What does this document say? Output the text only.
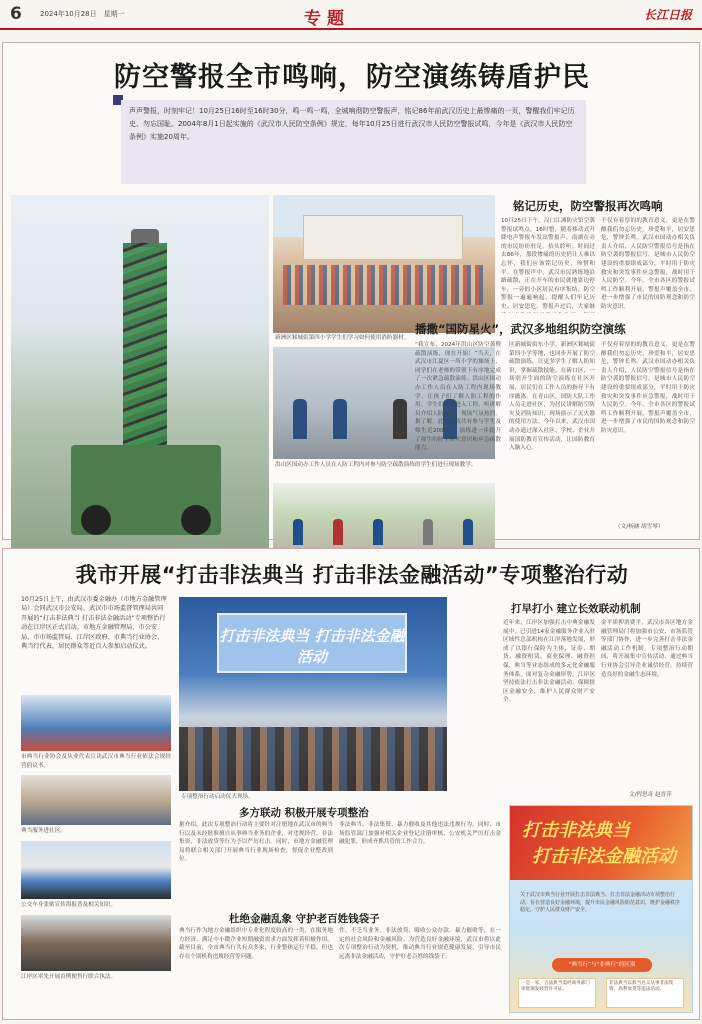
6	2024年10月28日　星期一	专题	长江日报
防空警报全市鸣响，防空演练铸盾护民
声声警报，时刻牢记！10月25日16时至16时30分，鸣一鸣一鸣，全城响彻防空警报声，铭记86年前武汉历史上最惨痛的一页，警醒我们牢记历史、勿忘国耻。2004年8月1日起实施的《武汉市人民防空条例》规定，每年10月25日进行武汉市人民防空警报试鸣，今年是《武汉市人民防空条例》实施20周年。
新洲区邾城街第四小学学生们学习如何使用消防器材。
洪山区国动办工作人员在人防工程内对参与防空疏散演练的学生们进行现场教学。
铭记历史，防空警报再次鸣响
10月25日下午，汉口江滩防灾馆空袭警报试鸣点，16时整，随着移动式升降电声警报车发出警报声，南湖在旁的市民纷纷驻足，抬头聆听。时间过去86年，那段惨痛的历史仍让人难以忘怀，我们应该铭记历史，珍惜和平。在警报声中，武汉市民熟练地沿路疏散，正在开车的市民就地靠边停车，一旁的小区居民有序集结。防空警报一遍遍响起，提醒人们牢记历史、居安思危。警报声过后，大家继
不仅有着厚的的教育意义，更是在警醒我们勿忘历史，珍爱和平，居安思危，警钟长鸣。武汉市国动办相关负责人介绍，人民防空警报信号是指在防空袭的警报信号，是城市人民防空建设的重要组成部分，平时用于防灾救灾和突发事件应急警报，战时用于人民防空。今年，全市各区的警报试鸣工作顺利开展，警报声覆盖全市，进一步增强了市民的国防观念和防空防灾意识。
播撒“国防星火”，武汉多地组织防空演练
“我宣布，2024年洪山区防空袭暨疏散演练，现在开始！”当天，在武汉市江夏区一所小学的操场上，同学们在老师的带领下有序地完成了一次紧急疏散演练。洪山区国动办工作人员在人防工程内现场教学，让孩子们了解人防工程的作用。学生们有序进入工程，听讲解员介绍人防知识，现场气氛热烈。据了解，此次演练共有参与学生及师生近2000人，演练进一步提升了师生的防空防灾意识和应急疏散能力。
区新城街街东小学、新洲区邾城街第四小学等地，也同步开展了防空疏散演练，让更多学生了解人防知识，掌握疏散技能。在硚口区，一场别开生面的防空演练在社区开展，居民们在工作人员的指导下有序撤离。在青山区，国防大队工作人员走进社区，为居民讲解防空防灾及消防知识，现场演示了灭火器的使用方法。今年以来，武汉市国动办通过深入社区、学校、企业开展国防教育宣传活动，让国防教育入脑入心。
不仅有着厚的的教育意义，更是在警醒我们勿忘历史，珍爱和平，居安思危，警钟长鸣。武汉市国动办相关负责人介绍，人民防空警报信号是指在防空袭的警报信号，是城市人民防空建设的重要组成部分，平时用于防灾救灾和突发事件应急警报，战时用于人民防空。今年，全市各区的警报试鸣工作顺利开展，警报声覆盖全市，进一步增强了市民的国防观念和防空防灾意识。
（文/杨涵 胡雪琴）
我市开展“打击非法典当 打击非法金融活动”专项整治行动
10月25日上午，由武汉市委金融办（市地方金融管理局）会同武汉市公安局、武汉市市场监督管理局共同开展的“打击非法典当 打击非法金融活动”专项整治行动在江岸区正式启动。市地方金融管理局、市公安局、市市场监管局、江岸区政府、市典当行业协会、典当行代表、居民群众等近百人参加启动仪式。
打击非法典当 打击非法金融活动
专项整治行动启动仪式现场。
市典当行业协会及从业代表宣读武汉市典当行业依法合规经营倡议书。
典当服务进社区。
公交车身张贴宣传海报普及相关知识。
江岸区率先开展首例便售行联合执法。
打早打小 建立长效联动机制
近年来，江岸区加强打击中典金融发展中，已引进14家金融服务企业入驻区域性总部机构在江岸落地发展，形成了以银行保险为主体，证券、期货、融资租赁、商业保理、融资担保、典当等业态组成的多元化金融服务体系。面对复杂金融形势，江岸区坚持依法打击非法金融活动，保障辖区金融安全，维护人民群众财产安全。
金平质押消费平，武汉市各区地方金融管理局门将加强市公安、市场监管等部门协作，进一步完善打击非法金融活动工作机制。专项整治行动期间，将开展集中宣传活动，通过典当行业协会引导企业诚信经营，持续营造良好的金融生态环境。
文/程思奇 赵晋萍
多方联动 积极开展专项整治
据介绍，此次专项整治行动将主要针对注册地在武汉市的典当行以及未经批准擅自从事典当业务的企业，对违规经营、非法集资、非法放贷等行为予以严厉打击。同时，市地方金融管理局将联合相关部门开展典当行业现场检查，督促企业整改到位。
非法典当、非法集资、暴力催收及其他违法违规行为。同时，市场监管部门加强对相关企业登记注册审核，公安机关严厉打击金融犯罪，形成齐抓共管的工作合力。
杜绝金融乱象 守护老百姓钱袋子
典当行作为地方金融组织中专业化程度较高的一类，在服务地方经济、满足中小微企业短期融资需求方面发挥着积极作用。截至目前，全市典当行共有众多家，行业整体运行平稳，但也存在个别机构违规经营等问题。
件。不乏当业务、非法放贷、吸收公众存款、暴力催收等，在一定的社会风险和金融风险。为营造良好金融环境，武汉市将以此次专项整治行动为契机，推动典当行业规范健康发展，引导市民远离非法金融活动，守护好老百姓的钱袋子。
打击非法典当
打击非法金融活动
关于武汉市典当行业开展打击非法典当、打击非法金融活动专项整治行动，旨在营造良好金融环境，提升市民金融风险防范意识，维护金融秩序稳定，守护人民群众财产安全。
“典当行”与“非典行”的区别
一是一家，合法典当需经商务部门审批颁发经营许可证。
非法典当以典当名义从事非法集资、高利放贷等违法活动。
